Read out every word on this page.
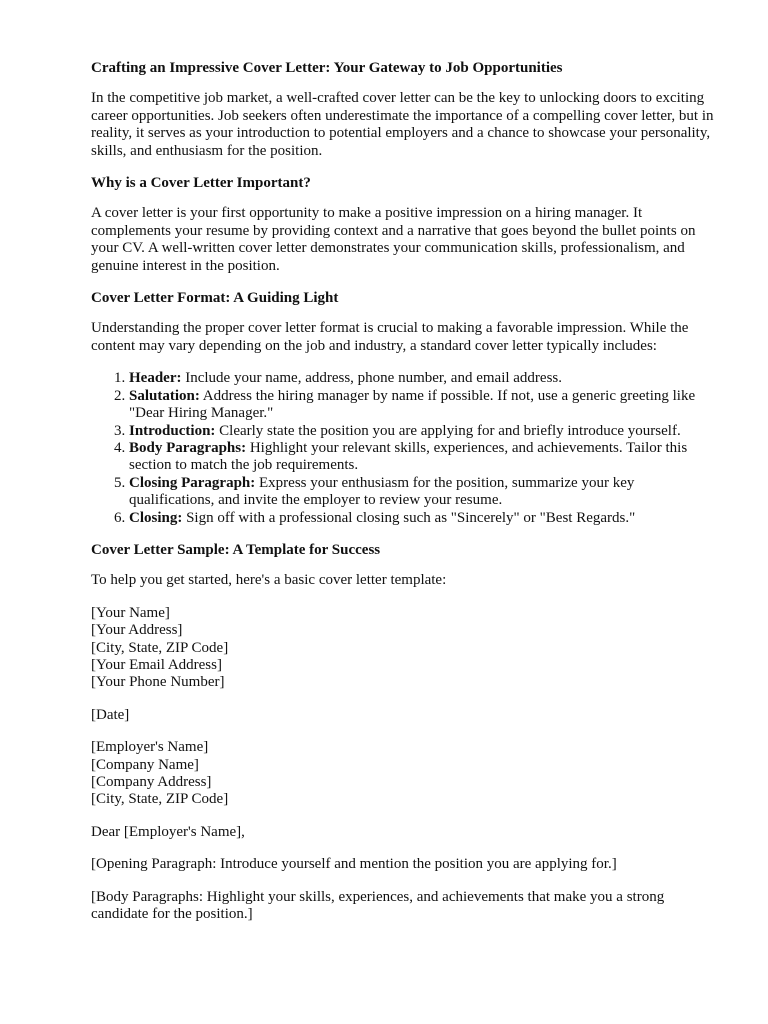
Crafting an Impressive Cover Letter: Your Gateway to Job Opportunities

In the competitive job market, a well-crafted cover letter can be the key to unlocking doors to exciting career opportunities. Job seekers often underestimate the importance of a compelling cover letter, but in reality, it serves as your introduction to potential employers and a chance to showcase your personality, skills, and enthusiasm for the position.

Why is a Cover Letter Important?

A cover letter is your first opportunity to make a positive impression on a hiring manager. It complements your resume by providing context and a narrative that goes beyond the bullet points on your CV. A well-written cover letter demonstrates your communication skills, professionalism, and genuine interest in the position.

Cover Letter Format: A Guiding Light

Understanding the proper cover letter format is crucial to making a favorable impression. While the content may vary depending on the job and industry, a standard cover letter typically includes:

1. Header: Include your name, address, phone number, and email address.
2. Salutation: Address the hiring manager by name if possible. If not, use a generic greeting like "Dear Hiring Manager."
3. Introduction: Clearly state the position you are applying for and briefly introduce yourself.
4. Body Paragraphs: Highlight your relevant skills, experiences, and achievements. Tailor this section to match the job requirements.
5. Closing Paragraph: Express your enthusiasm for the position, summarize your key qualifications, and invite the employer to review your resume.
6. Closing: Sign off with a professional closing such as "Sincerely" or "Best Regards."
Cover Letter Sample: A Template for Success

To help you get started, here's a basic cover letter template:

[Your Name]
[Your Address]
[City, State, ZIP Code]
[Your Email Address]
[Your Phone Number]

[Date]

[Employer's Name]
[Company Name]
[Company Address]
[City, State, ZIP Code]

Dear [Employer's Name],

[Opening Paragraph: Introduce yourself and mention the position you are applying for.]

[Body Paragraphs: Highlight your skills, experiences, and achievements that make you a strong candidate for the position.]
